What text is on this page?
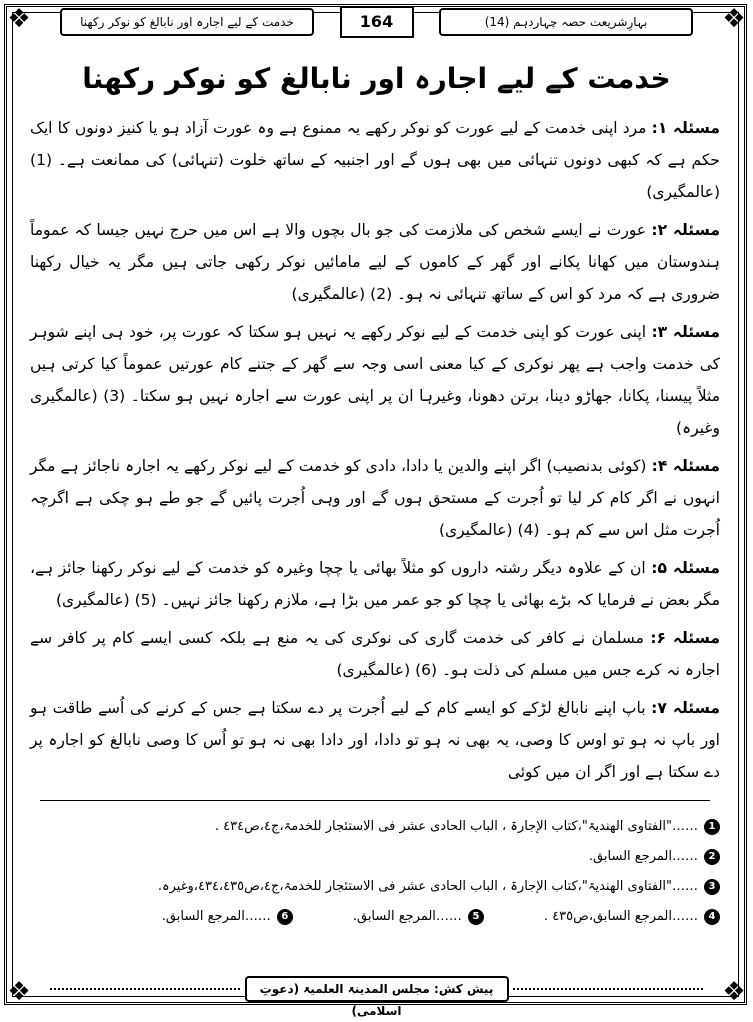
❖	❖
❖	❖
بہارِشریعت حصہ چہاردہم (14)
164
خدمت کے لیے اجارہ اور نابالغ کو نوکر رکھنا
خدمت کے لیے اجارہ اور نابالغ کو نوکر رکھنا

مسئلہ ۱: مرد اپنی خدمت کے لیے عورت کو نوکر رکھے یہ ممنوع ہے وہ عورت آزاد ہو یا کنیز دونوں کا ایک حکم ہے کہ کبھی دونوں تنہائی میں بھی ہوں گے اور اجنبیہ کے ساتھ خلوت (تنہائی) کی ممانعت ہے۔ (1) (عالمگیری)

مسئلہ ۲: عورت نے ایسے شخص کی ملازمت کی جو بال بچوں والا ہے اس میں حرج نہیں جیسا کہ عموماً ہندوستان میں کھانا پکانے اور گھر کے کاموں کے لیے مامائیں نوکر رکھی جاتی ہیں مگر یہ خیال رکھنا ضروری ہے کہ مرد کو اس کے ساتھ تنہائی نہ ہو۔ (2) (عالمگیری)

مسئلہ ۳: اپنی عورت کو اپنی خدمت کے لیے نوکر رکھے یہ نہیں ہو سکتا کہ عورت پر، خود ہی اپنے شوہر کی خدمت واجب ہے پھر نوکری کے کیا معنی اسی وجہ سے گھر کے جتنے کام عورتیں عموماً کیا کرتی ہیں مثلاً پیسنا، پکانا، جھاڑو دینا، برتن دھونا، وغیرہا ان پر اپنی عورت سے اجارہ نہیں ہو سکتا۔ (3) (عالمگیری وغیرہ)

مسئلہ ۴: (کوئی بدنصیب) اگر اپنے والدین یا دادا، دادی کو خدمت کے لیے نوکر رکھے یہ اجارہ ناجائز ہے مگر انہوں نے اگر کام کر لیا تو اُجرت کے مستحق ہوں گے اور وہی اُجرت پائیں گے جو طے ہو چکی ہے اگرچہ اُجرت مثل اس سے کم ہو۔ (4) (عالمگیری)

مسئلہ ۵: ان کے علاوہ دیگر رشتہ داروں کو مثلاً بھائی یا چچا وغیرہ کو خدمت کے لیے نوکر رکھنا جائز ہے، مگر بعض نے فرمایا کہ بڑے بھائی یا چچا کو جو عمر میں بڑا ہے، ملازم رکھنا جائز نہیں۔ (5) (عالمگیری)

مسئلہ ۶: مسلمان نے کافر کی خدمت گاری کی نوکری کی یہ منع ہے بلکہ کسی ایسے کام پر کافر سے اجارہ نہ کرے جس میں مسلم کی ذلت ہو۔ (6) (عالمگیری)

مسئلہ ۷: باپ اپنے نابالغ لڑکے کو ایسے کام کے لیے اُجرت پر دے سکتا ہے جس کے کرنے کی اُسے طاقت ہو اور باپ نہ ہو تو اوس کا وصی، یہ بھی نہ ہو تو دادا، اور دادا بھی نہ ہو تو اُس کا وصی نابالغ کو اجارہ پر دے سکتا ہے اور اگر ان میں کوئی

1
……"الفتاوی الھندیۃ"،کتاب الإجارۃ ، الباب الحادی عشر فی الاستئجار للخدمۃ،ج٤،ص٤٣٤ .
2
……المرجع السابق.
3
……"الفتاوی الھندیۃ"،کتاب الإجارۃ ، الباب الحادی عشر فی الاستئجار للخدمۃ،ج٤،ص٤٣٤،٤٣٥،وغیرہ.
4
……المرجع السابق،ص٤٣٥ .
5
……المرجع السابق.
6
……المرجع السابق.
پیش کش: مجلس المدینۃ العلمیۃ (دعوتِ اسلامی)
